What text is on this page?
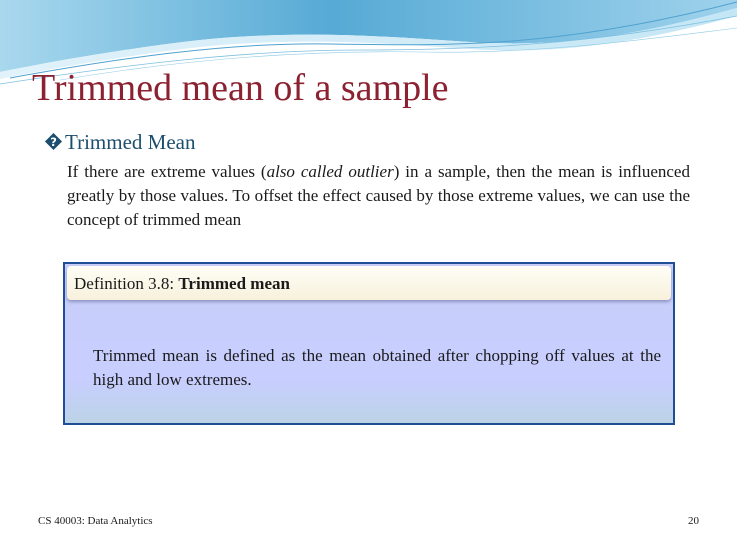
Trimmed mean of a sample
? Trimmed Mean
If there are extreme values (also called outlier) in a sample, then the mean is influenced greatly by those values. To offset the effect caused by those extreme values, we can use the concept of trimmed mean
Definition 3.8: Trimmed mean
Trimmed mean is defined as the mean obtained after chopping off values at the high and low extremes.
CS 40003: Data Analytics	20
